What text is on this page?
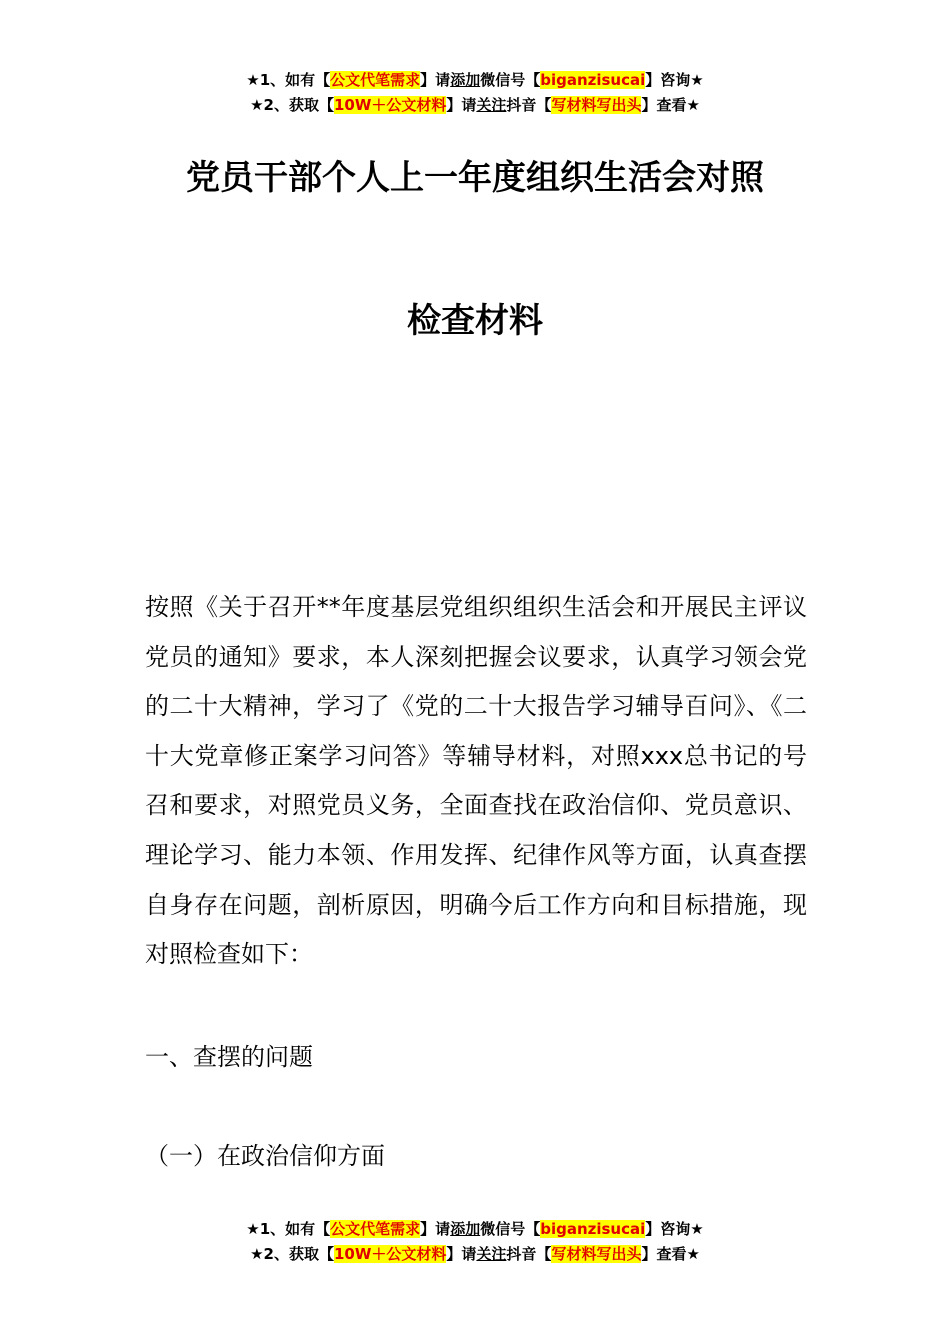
★1、如有【公文代笔需求】请添加微信号【biganzisucai】咨询★
★2、获取【10W＋公文材料】请关注抖音【写材料写出头】查看★
党员干部个人上一年度组织生活会对照
检查材料
按照《关于召开**年度基层党组织组织生活会和开展民主评议党员的通知》要求，本人深刻把握会议要求，认真学习领会党的二十大精神，学习了《党的二十大报告学习辅导百问》、《二十大党章修正案学习问答》等辅导材料，对照xxx总书记的号召和要求，对照党员义务，全面查找在政治信仰、党员意识、理论学习、能力本领、作用发挥、纪律作风等方面，认真查摆自身存在问题，剖析原因，明确今后工作方向和目标措施，现对照检查如下：
一、查摆的问题
（一）在政治信仰方面
★1、如有【公文代笔需求】请添加微信号【biganzisucai】咨询★
★2、获取【10W＋公文材料】请关注抖音【写材料写出头】查看★
